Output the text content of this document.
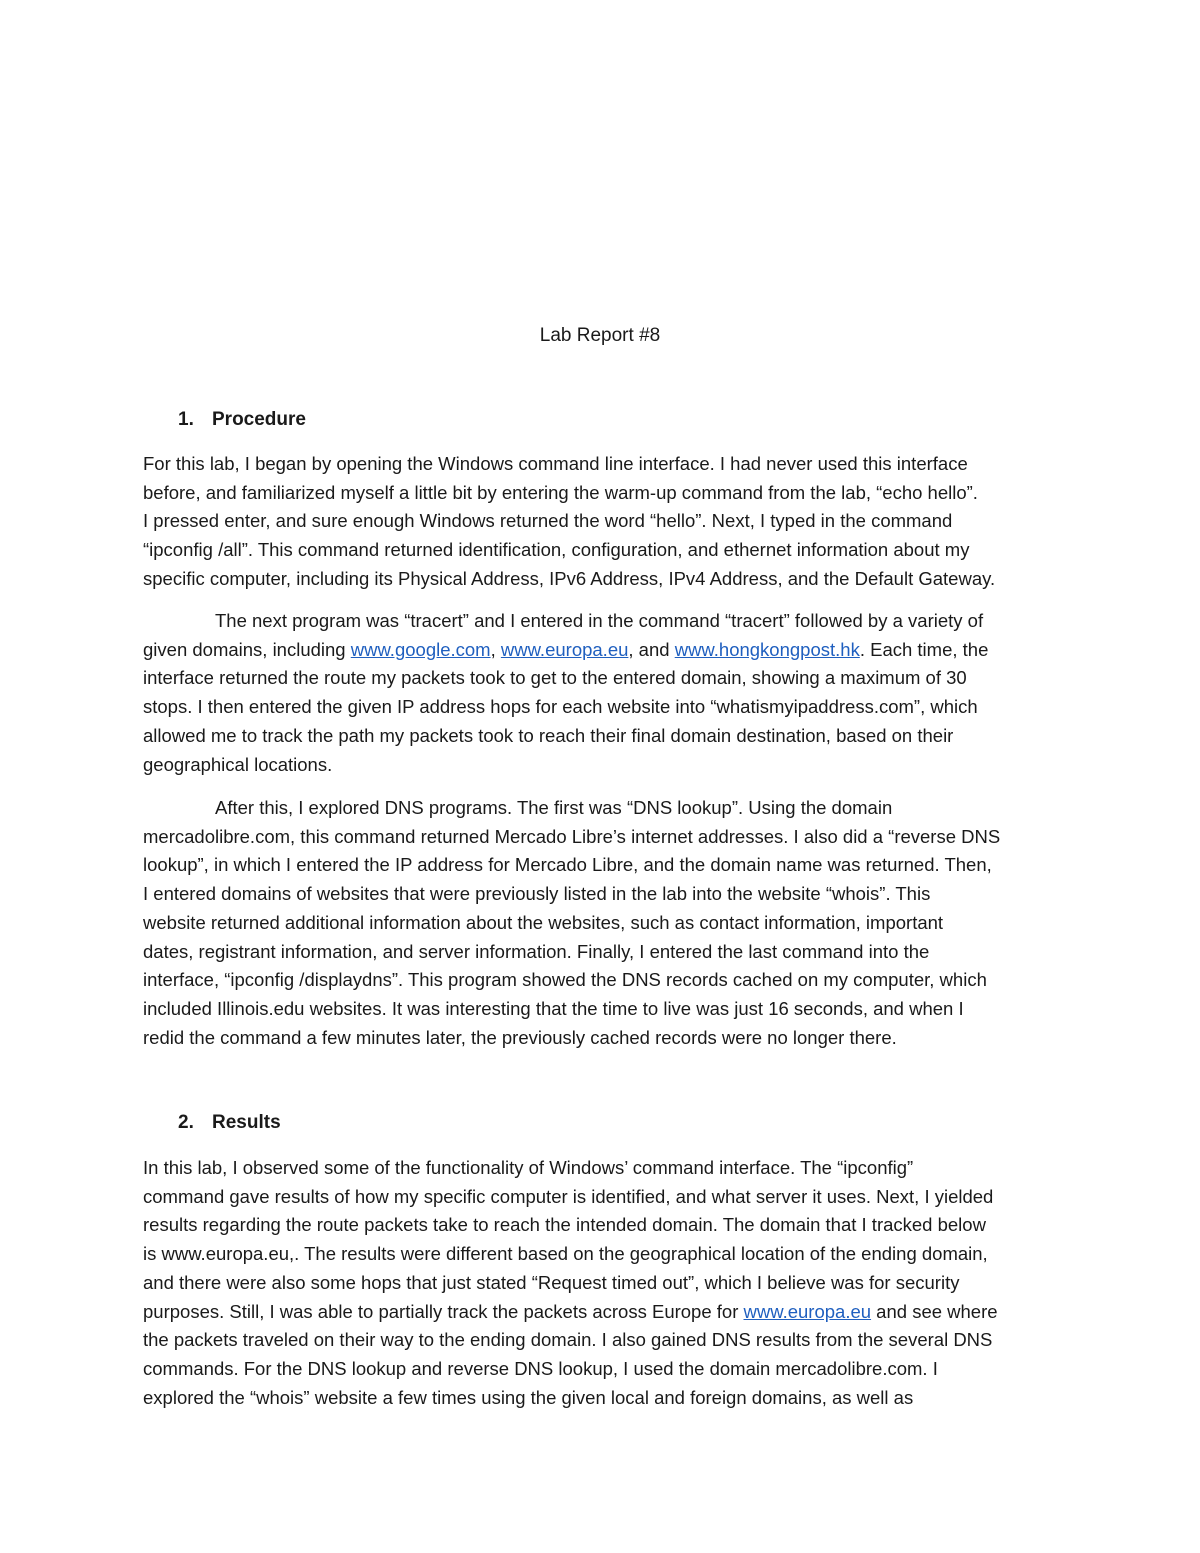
Lab Report #8
1. Procedure
For this lab, I began by opening the Windows command line interface. I had never used this interface
before, and familiarized myself a little bit by entering the warm-up command from the lab, “echo hello”.
I pressed enter, and sure enough Windows returned the word “hello”. Next, I typed in the command
“ipconfig /all”. This command returned identification, configuration, and ethernet information about my
specific computer, including its Physical Address, IPv6 Address, IPv4 Address, and the Default Gateway.
The next program was “tracert” and I entered in the command “tracert” followed by a variety of
given domains, including www.google.com, www.europa.eu, and www.hongkongpost.hk. Each time, the
interface returned the route my packets took to get to the entered domain, showing a maximum of 30
stops. I then entered the given IP address hops for each website into “whatismyipaddress.com”, which
allowed me to track the path my packets took to reach their final domain destination, based on their
geographical locations.
After this, I explored DNS programs. The first was “DNS lookup”. Using the domain
mercadolibre.com, this command returned Mercado Libre’s internet addresses. I also did a “reverse DNS
lookup”, in which I entered the IP address for Mercado Libre, and the domain name was returned. Then,
I entered domains of websites that were previously listed in the lab into the website “whois”. This
website returned additional information about the websites, such as contact information, important
dates, registrant information, and server information. Finally, I entered the last command into the
interface, “ipconfig /displaydns”. This program showed the DNS records cached on my computer, which
included Illinois.edu websites. It was interesting that the time to live was just 16 seconds, and when I
redid the command a few minutes later, the previously cached records were no longer there.
2. Results
In this lab, I observed some of the functionality of Windows’ command interface. The “ipconfig”
command gave results of how my specific computer is identified, and what server it uses. Next, I yielded
results regarding the route packets take to reach the intended domain. The domain that I tracked below
is www.europa.eu,. The results were different based on the geographical location of the ending domain,
and there were also some hops that just stated “Request timed out”, which I believe was for security
purposes. Still, I was able to partially track the packets across Europe for www.europa.eu and see where
the packets traveled on their way to the ending domain. I also gained DNS results from the several DNS
commands. For the DNS lookup and reverse DNS lookup, I used the domain mercadolibre.com. I
explored the “whois” website a few times using the given local and foreign domains, as well as
